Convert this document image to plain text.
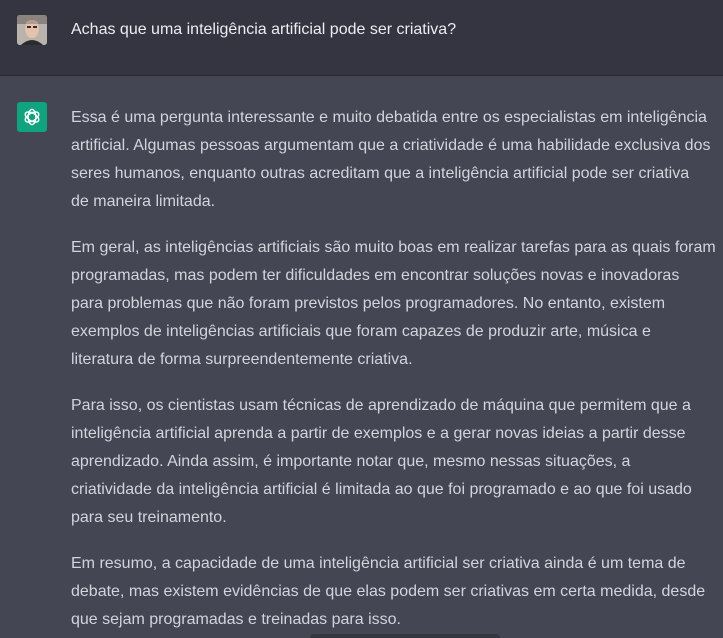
Achas que uma inteligência artificial pode ser criativa?

Essa é uma pergunta interessante e muito debatida entre os especialistas em inteligência
artificial. Algumas pessoas argumentam que a criatividade é uma habilidade exclusiva dos
seres humanos, enquanto outras acreditam que a inteligência artificial pode ser criativa
de maneira limitada.

Em geral, as inteligências artificiais são muito boas em realizar tarefas para as quais foram
programadas, mas podem ter dificuldades em encontrar soluções novas e inovadoras
para problemas que não foram previstos pelos programadores. No entanto, existem
exemplos de inteligências artificiais que foram capazes de produzir arte, música e
literatura de forma surpreendentemente criativa.

Para isso, os cientistas usam técnicas de aprendizado de máquina que permitem que a
inteligência artificial aprenda a partir de exemplos e a gerar novas ideias a partir desse
aprendizado. Ainda assim, é importante notar que, mesmo nessas situações, a
criatividade da inteligência artificial é limitada ao que foi programado e ao que foi usado
para seu treinamento.

Em resumo, a capacidade de uma inteligência artificial ser criativa ainda é um tema de
debate, mas existem evidências de que elas podem ser criativas em certa medida, desde
que sejam programadas e treinadas para isso.
